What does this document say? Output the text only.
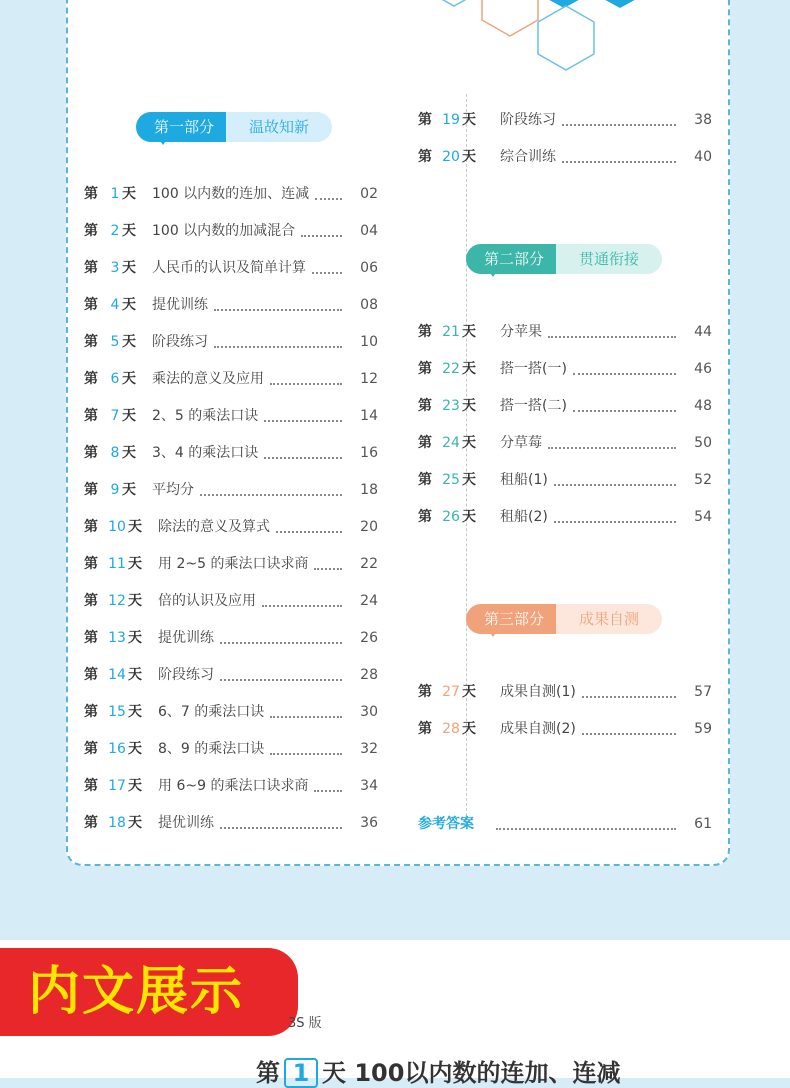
第一部分	温故知新
第二部分	贯通衔接
第三部分	成果自测
第 1 天 100 以内数的连加、连减	02
第 2 天 100 以内数的加减混合	04
第 3 天 人民币的认识及简单计算	06
第 4 天 提优训练	08
第 5 天 阶段练习	10
第 6 天 乘法的意义及应用	12
第 7 天 2、5 的乘法口诀	14
第 8 天 3、4 的乘法口诀	16
第 9 天 平均分	18
第 10 天 除法的意义及算式	20
第 11 天 用 2~5 的乘法口诀求商	22
第 12 天 倍的认识及应用	24
第 13 天 提优训练	26
第 14 天 阶段练习	28
第 15 天 6、7 的乘法口诀	30
第 16 天 8、9 的乘法口诀	32
第 17 天 用 6~9 的乘法口诀求商	34
第 18 天 提优训练	36
第 19 天 阶段练习	38
第 20 天 综合训练	40
第 21 天 分苹果	44
第 22 天 搭一搭(一)	46
第 23 天 搭一搭(二)	48
第 24 天 分草莓	50
第 25 天 租船(1)	52
第 26 天 租船(2)	54
第 27 天 成果自测(1)	57
第 28 天 成果自测(2)	59
参考答案	61
内文展示
3S 版
第 1 天 100以内数的连加、连减
